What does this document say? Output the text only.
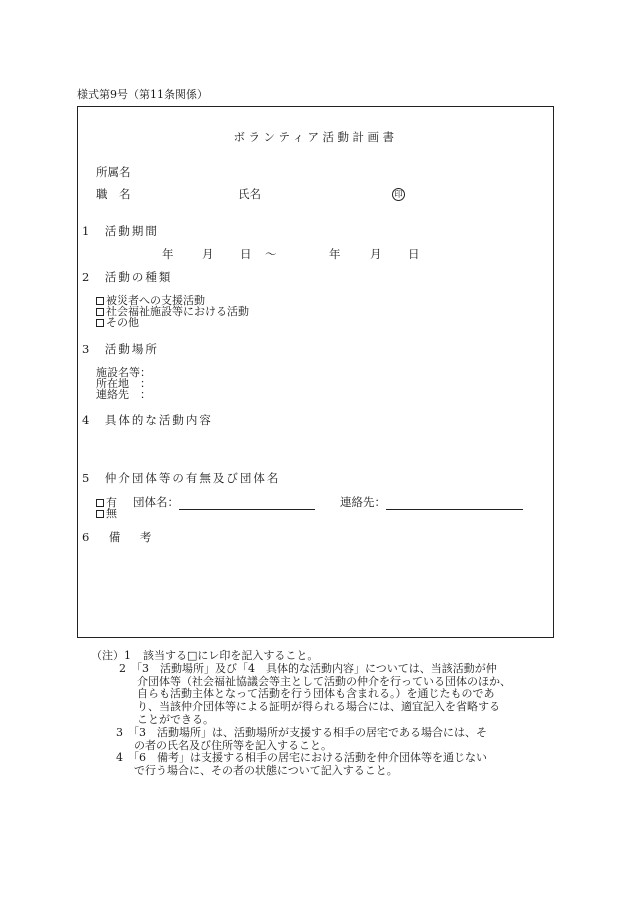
様式第9号（第11条関係）
ボランティア活動計画書
所属名
職　名	氏名	印
1　活動期間
年 月 日 〜	年	月 日
2　活動の種類
被災者への支援活動
社会福祉施設等における活動
その他
3　活動場所
施設名等：
所在地　：
連絡先　：
4　具体的な活動内容
5　仲介団体等の有無及び団体名
有
無
団体名：	連絡先：
6　備　考
（注）1 該当する□にレ印を記入すること。
2 「3　活動場所」及び「4　具体的な活動内容」については、当該活動が仲
介団体等（社会福祉協議会等主として活動の仲介を行っている団体のほか、
自らも活動主体となって活動を行う団体も含まれる。）を通じたものであ
り、当該仲介団体等による証明が得られる場合には、適宜記入を省略する
ことができる。
3 「3　活動場所」は、活動場所が支援する相手の居宅である場合には、そ
の者の氏名及び住所等を記入すること。
4 「6　備考」は支援する相手の居宅における活動を仲介団体等を通じない
で行う場合に、その者の状態について記入すること。
